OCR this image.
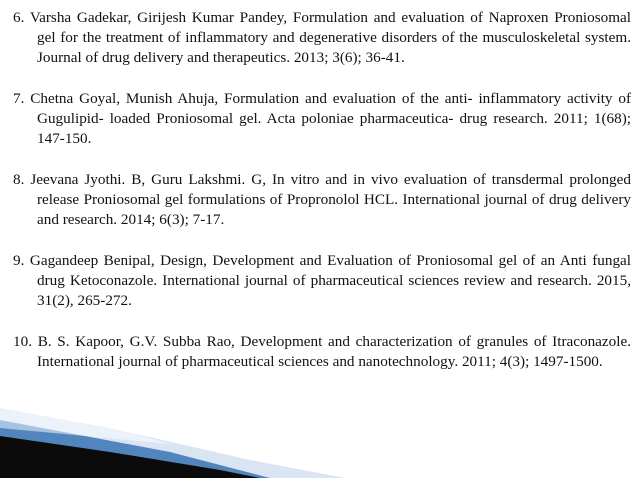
6. Varsha Gadekar, Girijesh Kumar Pandey, Formulation and evaluation of Naproxen Proniosomal gel for the treatment of inflammatory and degenerative disorders of the musculoskeletal system. Journal of drug delivery and therapeutics. 2013; 3(6); 36-41.

7. Chetna Goyal, Munish Ahuja, Formulation and evaluation of the anti- inflammatory activity of Gugulipid- loaded Proniosomal gel. Acta poloniae pharmaceutica- drug research. 2011; 1(68); 147-150.

8. Jeevana Jyothi. B, Guru Lakshmi. G, In vitro and in vivo evaluation of transdermal prolonged release Proniosomal gel formulations of Propronolol HCL. International journal of drug delivery and research. 2014; 6(3); 7-17.

9. Gagandeep Benipal, Design, Development and Evaluation of Proniosomal gel of an Anti fungal drug Ketoconazole. International journal of pharmaceutical sciences review and research. 2015, 31(2), 265-272.

10. B. S. Kapoor, G.V. Subba Rao, Development and characterization of granules of Itraconazole. International journal of pharmaceutical sciences and nanotechnology. 2011; 4(3); 1497-1500.
